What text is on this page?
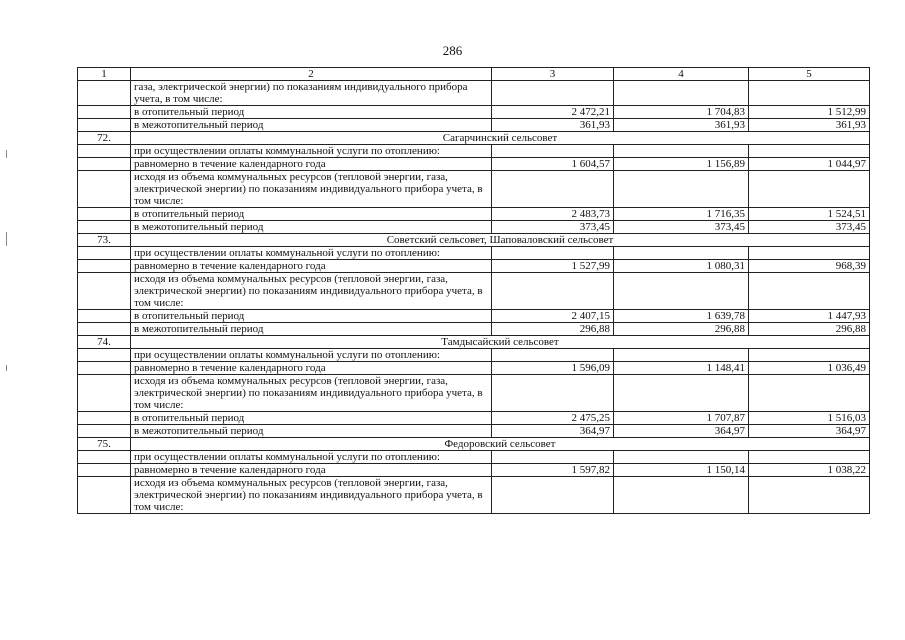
286
1	2	3	4	5
	газа, электрической энергии) по показаниям индивидуального прибора учета, в том числе:			
	в отопительный период	2 472,21	1 704,83	1 512,99
	в межотопительный период	361,93	361,93	361,93
72.	Сагарчинский сельсовет			
	при осуществлении оплаты коммунальной услуги по отоплению:			
	равномерно в течение календарного года	1 604,57	1 156,89	1 044,97
	исходя из объема коммунальных ресурсов (тепловой энергии, газа, электрической энергии) по показаниям индивидуального прибора учета, в том числе:			
	в отопительный период	2 483,73	1 716,35	1 524,51
	в межотопительный период	373,45	373,45	373,45
73.	Советский сельсовет, Шаповаловский сельсовет			
	при осуществлении оплаты коммунальной услуги по отоплению:			
	равномерно в течение календарного года	1 527,99	1 080,31	968,39
	исходя из объема коммунальных ресурсов (тепловой энергии, газа, электрической энергии) по показаниям индивидуального прибора учета, в том числе:			
	в отопительный период	2 407,15	1 639,78	1 447,93
	в межотопительный период	296,88	296,88	296,88
74.	Тамдысайский сельсовет			
	при осуществлении оплаты коммунальной услуги по отоплению:			
	равномерно в течение календарного года	1 596,09	1 148,41	1 036,49
	исходя из объема коммунальных ресурсов (тепловой энергии, газа, электрической энергии) по показаниям индивидуального прибора учета, в том числе:			
	в отопительный период	2 475,25	1 707,87	1 516,03
	в межотопительный период	364,97	364,97	364,97
75.	Федоровский сельсовет			
	при осуществлении оплаты коммунальной услуги по отоплению:			
	равномерно в течение календарного года	1 597,82	1 150,14	1 038,22
	исходя из объема коммунальных ресурсов (тепловой энергии, газа, электрической энергии) по показаниям индивидуального прибора учета, в том числе:			
